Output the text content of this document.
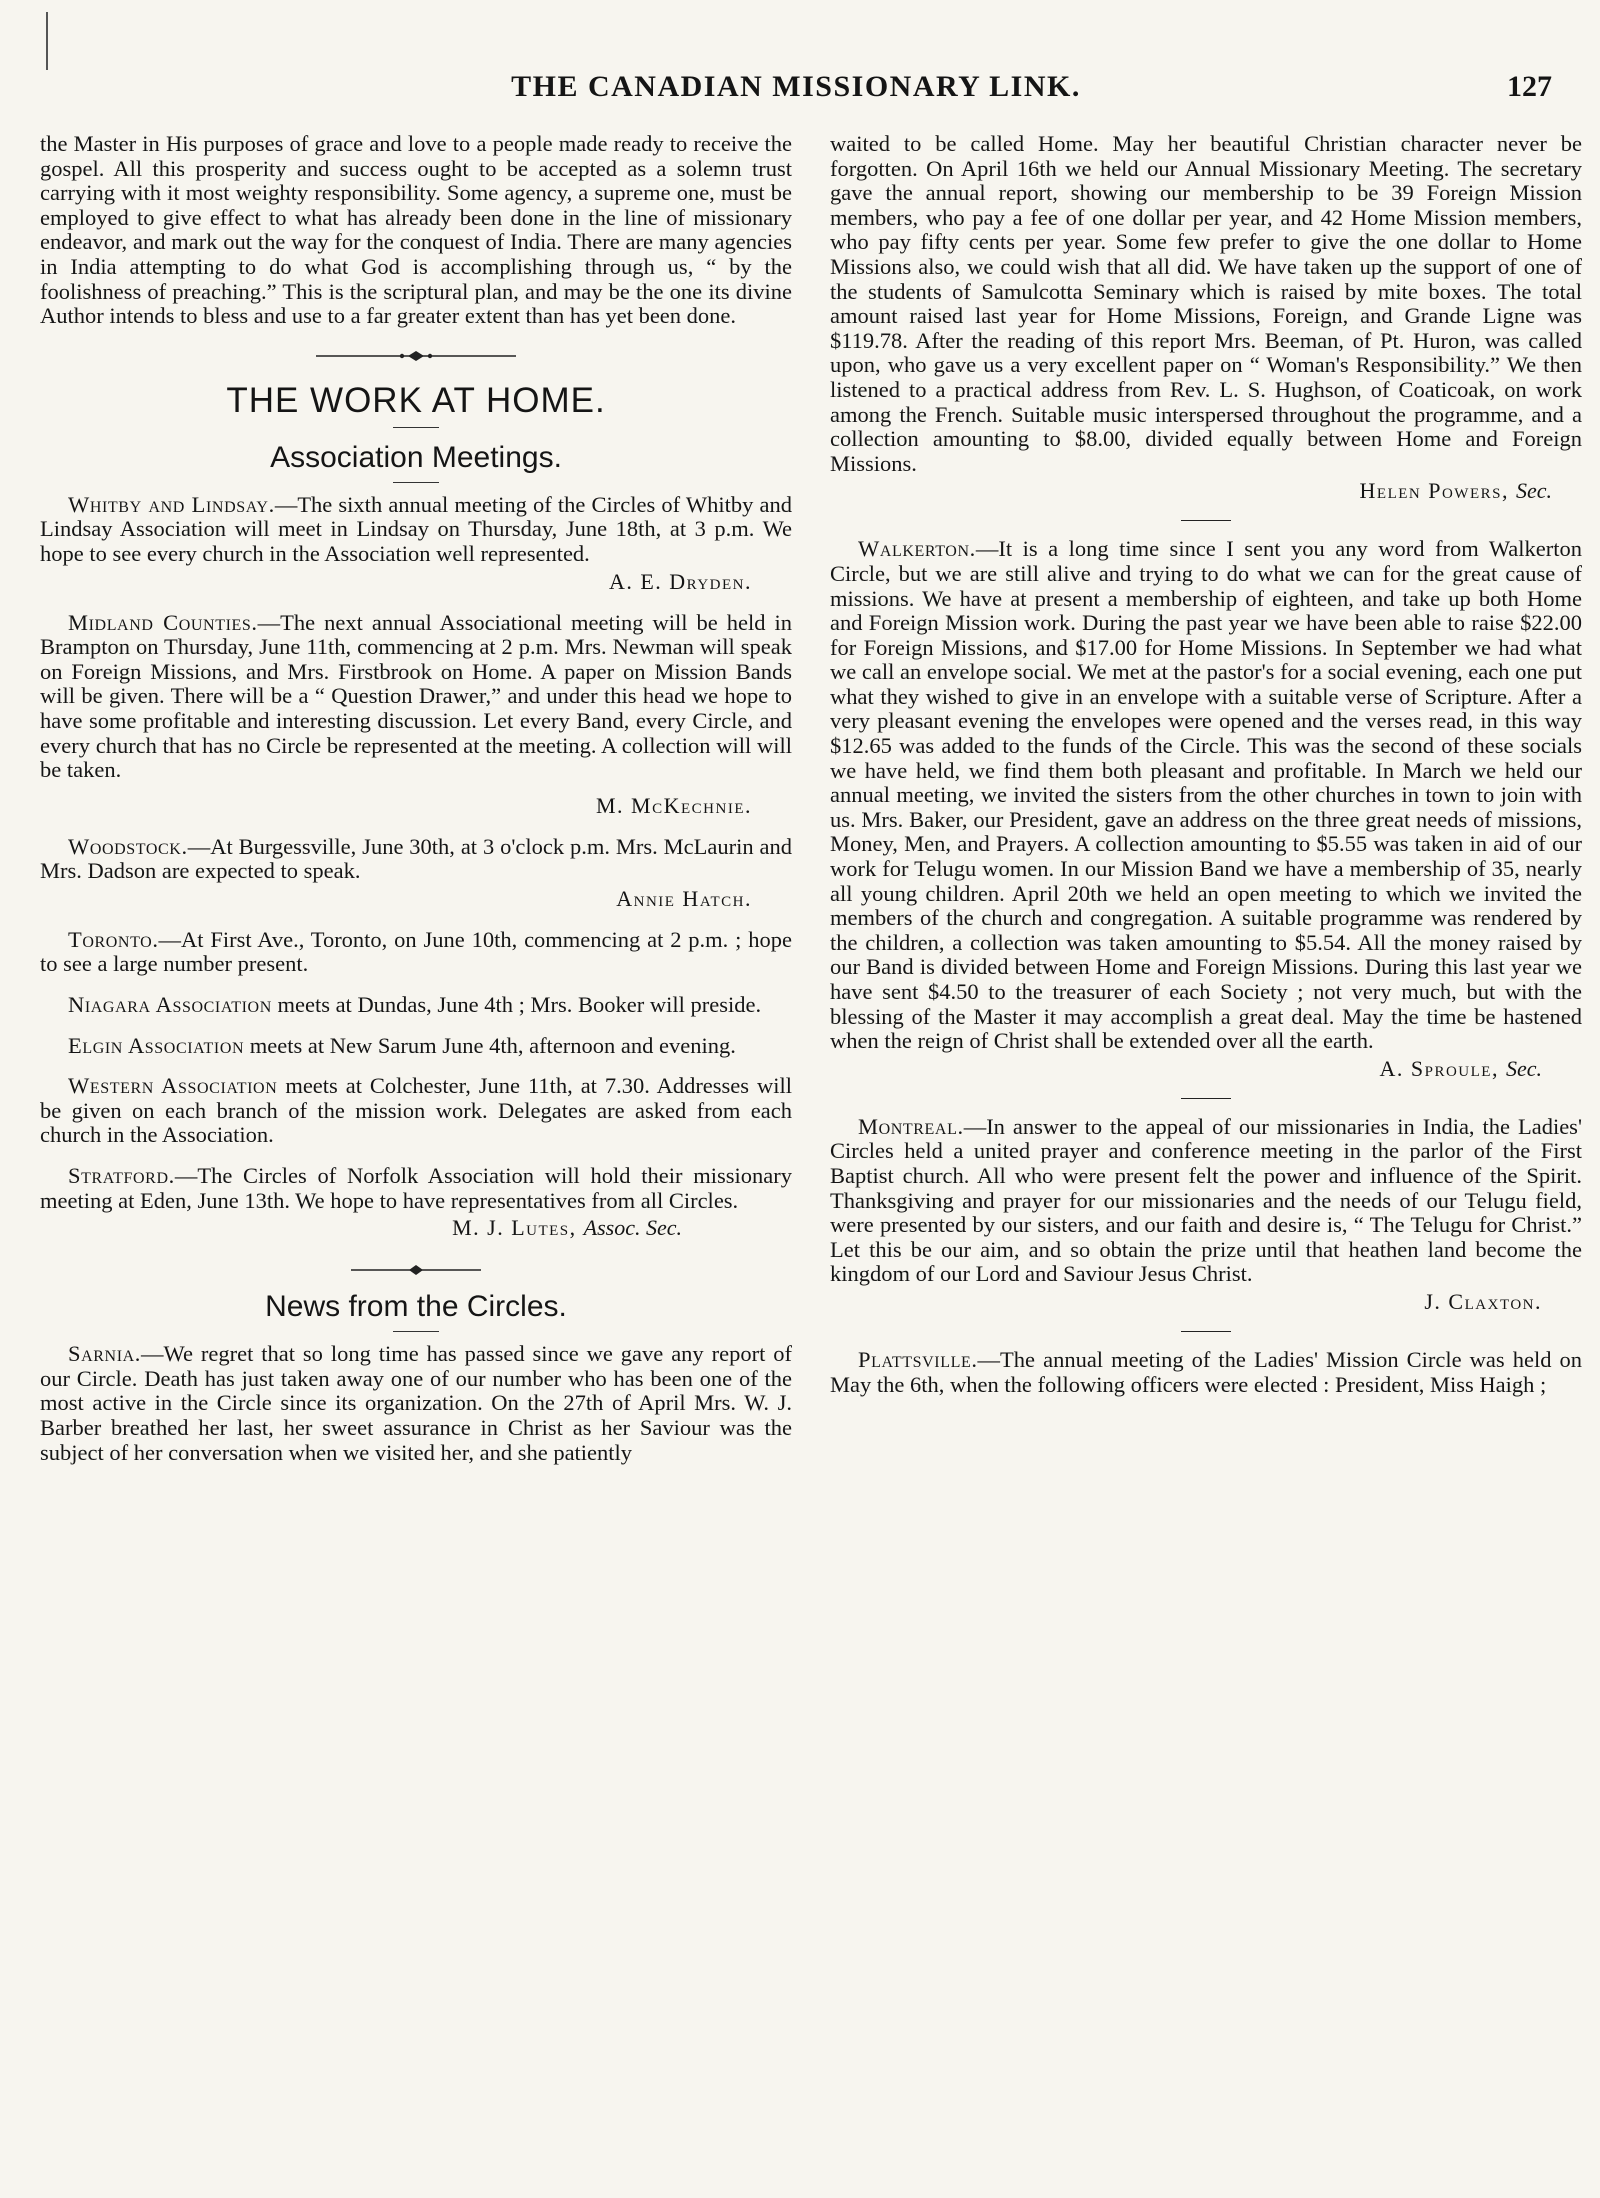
THE CANADIAN MISSIONARY LINK.	127

the Master in His purposes of grace and love to a people made ready to receive the gospel. All this prosperity and success ought to be accepted as a solemn trust carrying with it most weighty responsibility. Some agency, a supreme one, must be employed to give effect to what has already been done in the line of missionary endeavor, and mark out the way for the conquest of India. There are many agencies in India attempting to do what God is accomplishing through us, “ by the foolishness of preaching.” This is the scriptural plan, and may be the one its divine Author intends to bless and use to a far greater extent than has yet been done.

THE WORK AT HOME.
Association Meetings.

Whitby and Lindsay.—The sixth annual meeting of the Circles of Whitby and Lindsay Association will meet in Lindsay on Thursday, June 18th, at 3 p.m. We hope to see every church in the Association well represented.

A. E. Dryden.

Midland Counties.—The next annual Associational meeting will be held in Brampton on Thursday, June 11th, commencing at 2 p.m. Mrs. Newman will speak on Foreign Missions, and Mrs. Firstbrook on Home. A paper on Mission Bands will be given. There will be a “ Question Drawer,” and under this head we hope to have some profitable and interesting discussion. Let every Band, every Circle, and every church that has no Circle be represented at the meeting. A collection will will be taken.

M. McKechnie.

Woodstock.—At Burgessville, June 30th, at 3 o'clock p.m. Mrs. McLaurin and Mrs. Dadson are expected to speak.

Annie Hatch.

Toronto.—At First Ave., Toronto, on June 10th, commencing at 2 p.m. ; hope to see a large number present.

Niagara Association meets at Dundas, June 4th ; Mrs. Booker will preside.

Elgin Association meets at New Sarum June 4th, afternoon and evening.

Western Association meets at Colchester, June 11th, at 7.30. Addresses will be given on each branch of the mission work. Delegates are asked from each church in the Association.

Stratford.—The Circles of Norfolk Association will hold their missionary meeting at Eden, June 13th. We hope to have representatives from all Circles.

M. J. Lutes, Assoc. Sec.
News from the Circles.

Sarnia.—We regret that so long time has passed since we gave any report of our Circle. Death has just taken away one of our number who has been one of the most active in the Circle since its organization. On the 27th of April Mrs. W. J. Barber breathed her last, her sweet assurance in Christ as her Saviour was the subject of her conversation when we visited her, and she patiently

waited to be called Home. May her beautiful Christian character never be forgotten. On April 16th we held our Annual Missionary Meeting. The secretary gave the annual report, showing our membership to be 39 Foreign Mission members, who pay a fee of one dollar per year, and 42 Home Mission members, who pay fifty cents per year. Some few prefer to give the one dollar to Home Missions also, we could wish that all did. We have taken up the support of one of the students of Samulcotta Seminary which is raised by mite boxes. The total amount raised last year for Home Missions, Foreign, and Grande Ligne was $119.78. After the reading of this report Mrs. Beeman, of Pt. Huron, was called upon, who gave us a very excellent paper on “ Woman's Responsibility.” We then listened to a practical address from Rev. L. S. Hughson, of Coaticoak, on work among the French. Suitable music interspersed throughout the programme, and a collection amounting to $8.00, divided equally between Home and Foreign Missions.

Helen Powers, Sec.

Walkerton.—It is a long time since I sent you any word from Walkerton Circle, but we are still alive and trying to do what we can for the great cause of missions. We have at present a membership of eighteen, and take up both Home and Foreign Mission work. During the past year we have been able to raise $22.00 for Foreign Missions, and $17.00 for Home Missions. In September we had what we call an envelope social. We met at the pastor's for a social evening, each one put what they wished to give in an envelope with a suitable verse of Scripture. After a very pleasant evening the envelopes were opened and the verses read, in this way $12.65 was added to the funds of the Circle. This was the second of these socials we have held, we find them both pleasant and profitable. In March we held our annual meeting, we invited the sisters from the other churches in town to join with us. Mrs. Baker, our President, gave an address on the three great needs of missions, Money, Men, and Prayers. A collection amounting to $5.55 was taken in aid of our work for Telugu women. In our Mission Band we have a membership of 35, nearly all young children. April 20th we held an open meeting to which we invited the members of the church and congregation. A suitable programme was rendered by the children, a collection was taken amounting to $5.54. All the money raised by our Band is divided between Home and Foreign Missions. During this last year we have sent $4.50 to the treasurer of each Society ; not very much, but with the blessing of the Master it may accomplish a great deal. May the time be hastened when the reign of Christ shall be extended over all the earth.

A. Sproule, Sec.

Montreal.—In answer to the appeal of our missionaries in India, the Ladies' Circles held a united prayer and conference meeting in the parlor of the First Baptist church. All who were present felt the power and influence of the Spirit. Thanksgiving and prayer for our missionaries and the needs of our Telugu field, were presented by our sisters, and our faith and desire is, “ The Telugu for Christ.” Let this be our aim, and so obtain the prize until that heathen land become the kingdom of our Lord and Saviour Jesus Christ.

J. Claxton.

Plattsville.—The annual meeting of the Ladies' Mission Circle was held on May the 6th, when the following officers were elected : President, Miss Haigh ;
